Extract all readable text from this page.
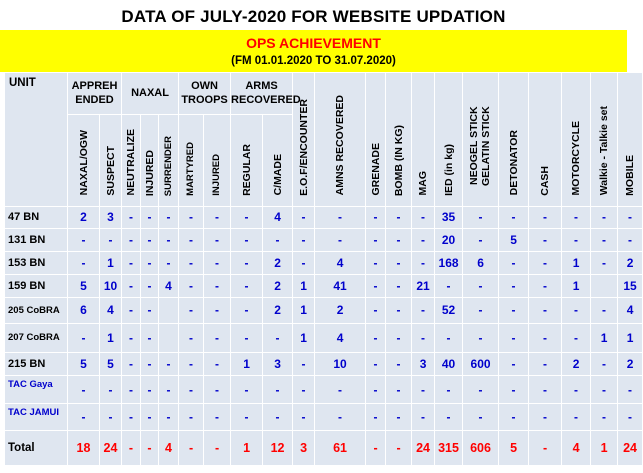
DATA OF JULY-2020 FOR WEBSITE UPDATION
OPS ACHIEVEMENT
(FM 01.01.2020 TO 31.07.2020)
UNIT	APPREH ENDED		NAXAL			OWN TROOPS		ARMS RECOVERED		E.O.F/ENCOUNTER	AMNS RECOVERED	GRENADE	BOMB (IN KG)	MAG	IED (in kg)	NEOGEL STICK GELATIN STICK	DETONATOR	CASH	MOTORCYCLE	Walkie - Talkie set	MOBILE
	NAXAL/OGW	SUSPECT	NEUTRALIZE	INJURED	SURRENDER	MARTYRED	INJURED	REGULAR	C/MADE												
47 BN	2	3	-	-	-	-	-	-	4	-	-	-	-	-	35	-	-	-	-	-	-
131 BN	-	-	-	-	-	-	-	-	-	-	-	-	-	-	20	-	5	-	-	-	-
153 BN	-	1	-	-	-	-	-	-	2	-	4	-	-	-	168	6	-	-	1	-	2
159 BN	5	10	-	-	4	-	-	-	2	1	41	-	-	21	-	-	-	-	1		15
205 CoBRA	6	4	-	-		-	-	-	2	1	2	-	-	-	52	-	-	-	-	-	4
207 CoBRA	-	1	-	-		-	-	-	-	1	4	-	-	-	-	-	-	-	-	1	1
215 BN	5	5	-	-	-	-	-	1	3	-	10	-	-	3	40	600	-	-	2	-	2
TAC Gaya	-	-	-	-	-	-	-	-	-	-	-	-	-	-	-	-	-	-	-	-	-
TAC JAMUI	-	-	-	-	-	-	-	-	-	-	-	-	-	-	-	-	-	-	-	-	-
Total	18	24	-	-	4	-	-	1	12	3	61	-	-	24	315	606	5	-	4	1	24
